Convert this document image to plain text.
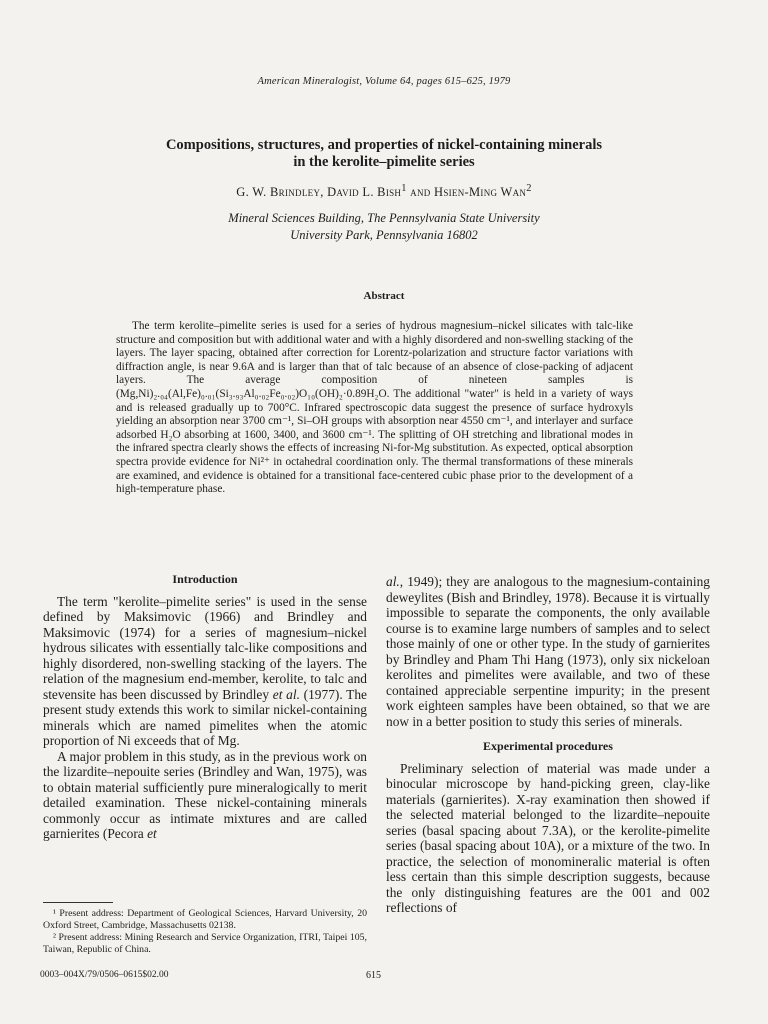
American Mineralogist, Volume 64, pages 615–625, 1979
Compositions, structures, and properties of nickel-containing minerals
in the kerolite–pimelite series
G. W. Brindley, David L. Bish$^1$ and Hsien-Ming Wan$^2$
Mineral Sciences Building, The Pennsylvania State University
University Park, Pennsylvania 16802
Abstract

The term kerolite–pimelite series is used for a series of hydrous magnesium–nickel silicates with talc-like structure and composition but with additional water and with a highly disordered and non-swelling stacking of the layers. The layer spacing, obtained after correction for Lorentz-polarization and structure factor variations with diffraction angle, is near 9.6A and is larger than that of talc because of an absence of close-packing of adjacent layers. The average composition of nineteen samples is (Mg,Ni)₂.₀₄(Al,Fe)₀.₀₁(Si₃.₉₃Al₀.₀₂Fe₀.₀₂)O₁₀(OH)₂·0.89H₂O. The additional "water" is held in a variety of ways and is released gradually up to 700°C. Infrared spectroscopic data suggest the presence of surface hydroxyls yielding an absorption near 3700 cm⁻¹, Si–OH groups with absorption near 4550 cm⁻¹, and interlayer and surface adsorbed H₂O absorbing at 1600, 3400, and 3600 cm⁻¹. The splitting of OH stretching and librational modes in the infrared spectra clearly shows the effects of increasing Ni-for-Mg substitution. As expected, optical absorption spectra provide evidence for Ni²⁺ in octahedral coordination only. The thermal transformations of these minerals are examined, and evidence is obtained for a transitional face-centered cubic phase prior to the development of a high-temperature phase.

Introduction

The term "kerolite–pimelite series" is used in the sense defined by Maksimovic (1966) and Brindley and Maksimovic (1974) for a series of magnesium–nickel hydrous silicates with essentially talc-like compositions and highly disordered, non-swelling stacking of the layers. The relation of the magnesium end-member, kerolite, to talc and stevensite has been discussed by Brindley et al. (1977). The present study extends this work to similar nickel-containing minerals which are named pimelites when the atomic proportion of Ni exceeds that of Mg.

A major problem in this study, as in the previous work on the lizardite–nepouite series (Brindley and Wan, 1975), was to obtain material sufficiently pure mineralogically to merit detailed examination. These nickel-containing minerals commonly occur as intimate mixtures and are called garnierites (Pecora et

¹ Present address: Department of Geological Sciences, Harvard University, 20 Oxford Street, Cambridge, Massachusetts 02138.
² Present address: Mining Research and Service Organization, ITRI, Taipei 105, Taiwan, Republic of China.

al., 1949); they are analogous to the magnesium-containing deweylites (Bish and Brindley, 1978). Because it is virtually impossible to separate the components, the only available course is to examine large numbers of samples and to select those mainly of one or other type. In the study of garnierites by Brindley and Pham Thi Hang (1973), only six nickeloan kerolites and pimelites were available, and two of these contained appreciable serpentine impurity; in the present work eighteen samples have been obtained, so that we are now in a better position to study this series of minerals.

Experimental procedures

Preliminary selection of material was made under a binocular microscope by hand-picking green, clay-like materials (garnierites). X-ray examination then showed if the selected material belonged to the lizardite–nepouite series (basal spacing about 7.3A), or the kerolite-pimelite series (basal spacing about 10A), or a mixture of the two. In practice, the selection of monomineralic material is often less certain than this simple description suggests, because the only distinguishing features are the 001 and 002 reflections of

0003–004X/79/0506–0615$02.00	615
